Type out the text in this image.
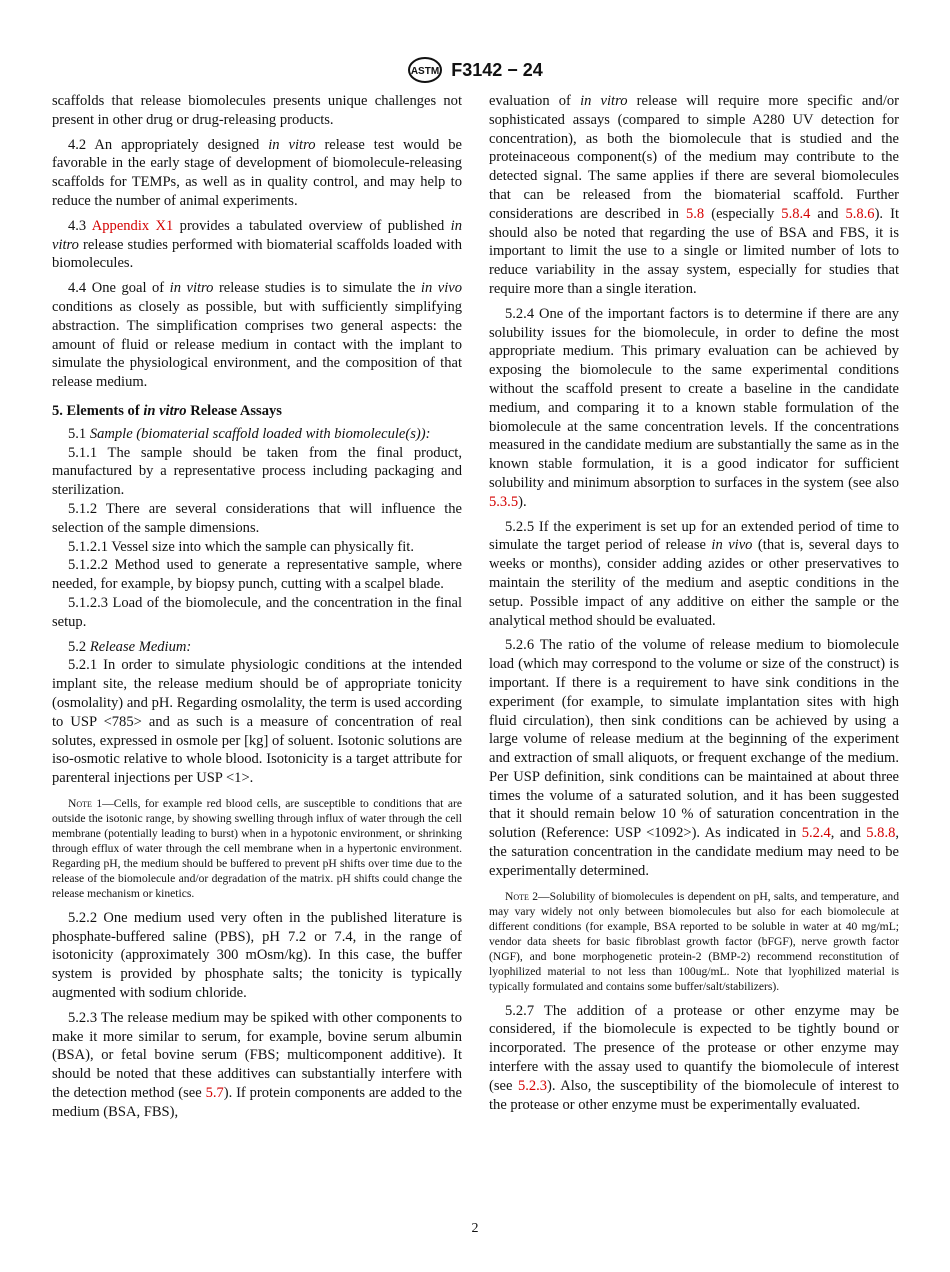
ASTM F3142 − 24

scaffolds that release biomolecules presents unique challenges not present in other drug or drug-releasing products.

4.2 An appropriately designed in vitro release test would be favorable in the early stage of development of biomolecule-releasing scaffolds for TEMPs, as well as in quality control, and may help to reduce the number of animal experiments.

4.3 Appendix X1 provides a tabulated overview of published in vitro release studies performed with biomaterial scaffolds loaded with biomolecules.

4.4 One goal of in vitro release studies is to simulate the in vivo conditions as closely as possible, but with sufficiently simplifying abstraction. The simplification comprises two general aspects: the amount of fluid or release medium in contact with the implant to simulate the physiological environment, and the composition of that release medium.

5. Elements of in vitro Release Assays

5.1 Sample (biomaterial scaffold loaded with biomolecule(s)):

5.1.1 The sample should be taken from the final product, manufactured by a representative process including packaging and sterilization.

5.1.2 There are several considerations that will influence the selection of the sample dimensions.

5.1.2.1 Vessel size into which the sample can physically fit.

5.1.2.2 Method used to generate a representative sample, where needed, for example, by biopsy punch, cutting with a scalpel blade.

5.1.2.3 Load of the biomolecule, and the concentration in the final setup.

5.2 Release Medium:

5.2.1 In order to simulate physiologic conditions at the intended implant site, the release medium should be of appropriate tonicity (osmolality) and pH. Regarding osmolality, the term is used according to USP <785> and as such is a measure of concentration of real solutes, expressed in osmole per [kg] of soluent. Isotonic solutions are iso-osmotic relative to whole blood. Isotonicity is a target attribute for parenteral injections per USP <1>.

Note 1—Cells, for example red blood cells, are susceptible to conditions that are outside the isotonic range, by showing swelling through influx of water through the cell membrane (potentially leading to burst) when in a hypotonic environment, or shrinking through efflux of water through the cell membrane when in a hypertonic environment. Regarding pH, the medium should be buffered to prevent pH shifts over time due to the release of the biomolecule and/or degradation of the matrix. pH shifts could change the release mechanism or kinetics.

5.2.2 One medium used very often in the published literature is phosphate-buffered saline (PBS), pH 7.2 or 7.4, in the range of isotonicity (approximately 300 mOsm/kg). In this case, the buffer system is provided by phosphate salts; the tonicity is typically augmented with sodium chloride.

5.2.3 The release medium may be spiked with other components to make it more similar to serum, for example, bovine serum albumin (BSA), or fetal bovine serum (FBS; multicomponent additive). It should be noted that these additives can substantially interfere with the detection method (see 5.7). If protein components are added to the medium (BSA, FBS),

evaluation of in vitro release will require more specific and/or sophisticated assays (compared to simple A280 UV detection for concentration), as both the biomolecule that is studied and the proteinaceous component(s) of the medium may contribute to the detected signal. The same applies if there are several biomolecules that can be released from the biomaterial scaffold. Further considerations are described in 5.8 (especially 5.8.4 and 5.8.6). It should also be noted that regarding the use of BSA and FBS, it is important to limit the use to a single or limited number of lots to reduce variability in the assay system, especially for studies that require more than a single iteration.

5.2.4 One of the important factors is to determine if there are any solubility issues for the biomolecule, in order to define the most appropriate medium. This primary evaluation can be achieved by exposing the biomolecule to the same experimental conditions without the scaffold present to create a baseline in the candidate medium, and comparing it to a known stable formulation of the biomolecule at the same concentration levels. If the concentrations measured in the candidate medium are substantially the same as in the known stable formulation, it is a good indicator for sufficient solubility and minimum absorption to surfaces in the system (see also 5.3.5).

5.2.5 If the experiment is set up for an extended period of time to simulate the target period of release in vivo (that is, several days to weeks or months), consider adding azides or other preservatives to maintain the sterility of the medium and aseptic conditions in the setup. Possible impact of any additive on either the sample or the analytical method should be evaluated.

5.2.6 The ratio of the volume of release medium to biomolecule load (which may correspond to the volume or size of the construct) is important. If there is a requirement to have sink conditions in the experiment (for example, to simulate implantation sites with high fluid circulation), then sink conditions can be achieved by using a large volume of release medium at the beginning of the experiment and extraction of small aliquots, or frequent exchange of the medium. Per USP definition, sink conditions can be maintained at about three times the volume of a saturated solution, and it has been suggested that it should remain below 10 % of saturation concentration in the solution (Reference: USP <1092>). As indicated in 5.2.4, and 5.8.8, the saturation concentration in the candidate medium may need to be experimentally determined.

Note 2—Solubility of biomolecules is dependent on pH, salts, and temperature, and may vary widely not only between biomolecules but also for each biomolecule at different conditions (for example, BSA reported to be soluble in water at 40 mg/mL; vendor data sheets for basic fibroblast growth factor (bFGF), nerve growth factor (NGF), and bone morphogenetic protein-2 (BMP-2) recommend reconstitution of lyophilized material to not less than 100ug/mL. Note that lyophilized material is typically formulated and contains some buffer/salt/stabilizers).

5.2.7 The addition of a protease or other enzyme may be considered, if the biomolecule is expected to be tightly bound or incorporated. The presence of the protease or other enzyme may interfere with the assay used to quantify the biomolecule of interest (see 5.2.3). Also, the susceptibility of the biomolecule of interest to the protease or other enzyme must be experimentally evaluated.

2
